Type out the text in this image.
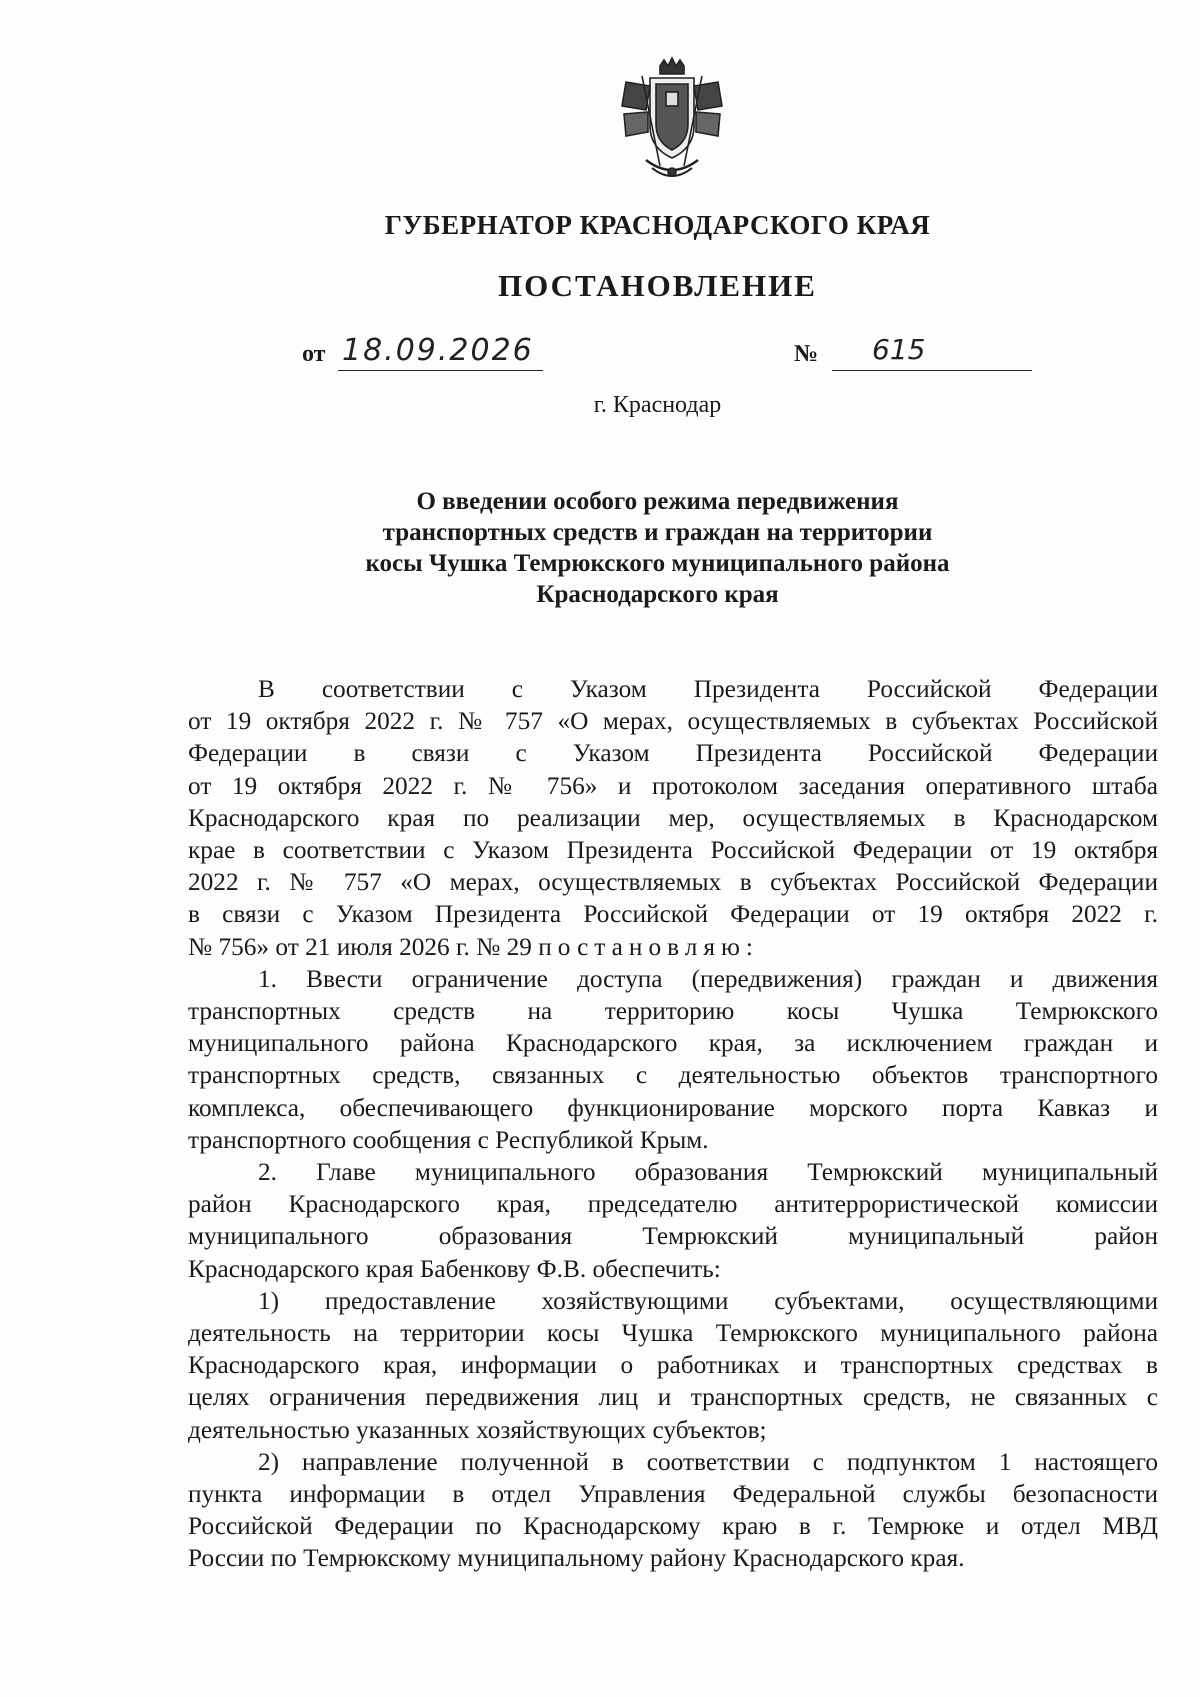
ГУБЕРНАТОР КРАСНОДАРСКОГО КРАЯ
ПОСТАНОВЛЕНИЕ
от 18.09.2026	№ 615
г. Краснодар
О введении особого режима передвижения
транспортных средств и граждан на территории
косы Чушка Темрюкского муниципального района
Краснодарского края
В соответствии с Указом Президента Российской Федерации
от 19 октября 2022 г. № 757 «О мерах, осуществляемых в субъектах Российской
Федерации в связи с Указом Президента Российской Федерации
от 19 октября 2022 г. № 756» и протоколом заседания оперативного штаба
Краснодарского края по реализации мер, осуществляемых в Краснодарском
крае в соответствии с Указом Президента Российской Федерации от 19 октября
2022 г. № 757 «О мерах, осуществляемых в субъектах Российской Федерации
в связи с Указом Президента Российской Федерации от 19 октября 2022 г.
№ 756» от 21 июля 2026 г. № 29 постановляю:
1. Ввести ограничение доступа (передвижения) граждан и движения
транспортных средств на территорию косы Чушка Темрюкского
муниципального района Краснодарского края, за исключением граждан и
транспортных средств, связанных с деятельностью объектов транспортного
комплекса, обеспечивающего функционирование морского порта Кавказ и
транспортного сообщения с Республикой Крым.
2. Главе муниципального образования Темрюкский муниципальный
район Краснодарского края, председателю антитеррористической комиссии
муниципального образования Темрюкский муниципальный район
Краснодарского края Бабенкову Ф.В. обеспечить:
1) предоставление хозяйствующими субъектами, осуществляющими
деятельность на территории косы Чушка Темрюкского муниципального района
Краснодарского края, информации о работниках и транспортных средствах в
целях ограничения передвижения лиц и транспортных средств, не связанных с
деятельностью указанных хозяйствующих субъектов;
2) направление полученной в соответствии с подпунктом 1 настоящего
пункта информации в отдел Управления Федеральной службы безопасности
Российской Федерации по Краснодарскому краю в г. Темрюке и отдел МВД
России по Темрюкскому муниципальному району Краснодарского края.
